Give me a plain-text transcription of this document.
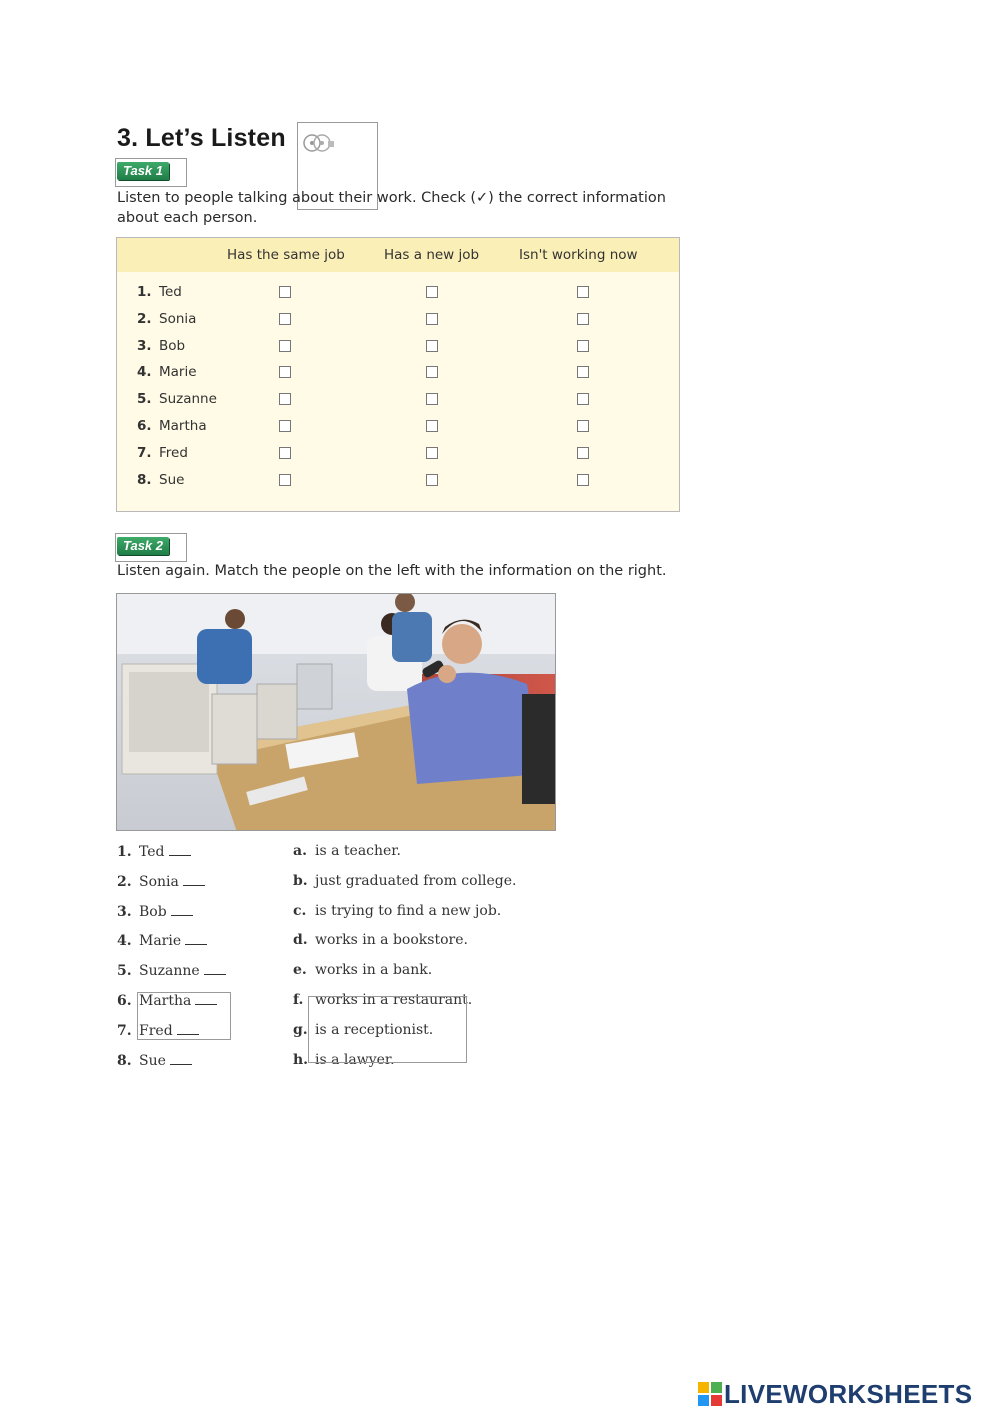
3. Let’s Listen
Task 1
Listen to people talking about their work. Check (✓) the correct information
about each person.
Has the same job	Has a new job	Isn't working now
1. Ted
2. Sonia
3. Bob
4. Marie
5. Suzanne
6. Martha
7. Fred
8. Sue
Task 2
Listen again. Match the people on the left with the information on the right.
1. Ted
2. Sonia
3. Bob
4. Marie
5. Suzanne
6. Martha
7. Fred
8. Sue
a. is a teacher.
b. just graduated from college.
c. is trying to find a new job.
d. works in a bookstore.
e. works in a bank.
f. works in a restaurant.
g. is a receptionist.
h. is a lawyer.
LIVEWORKSHEETS
